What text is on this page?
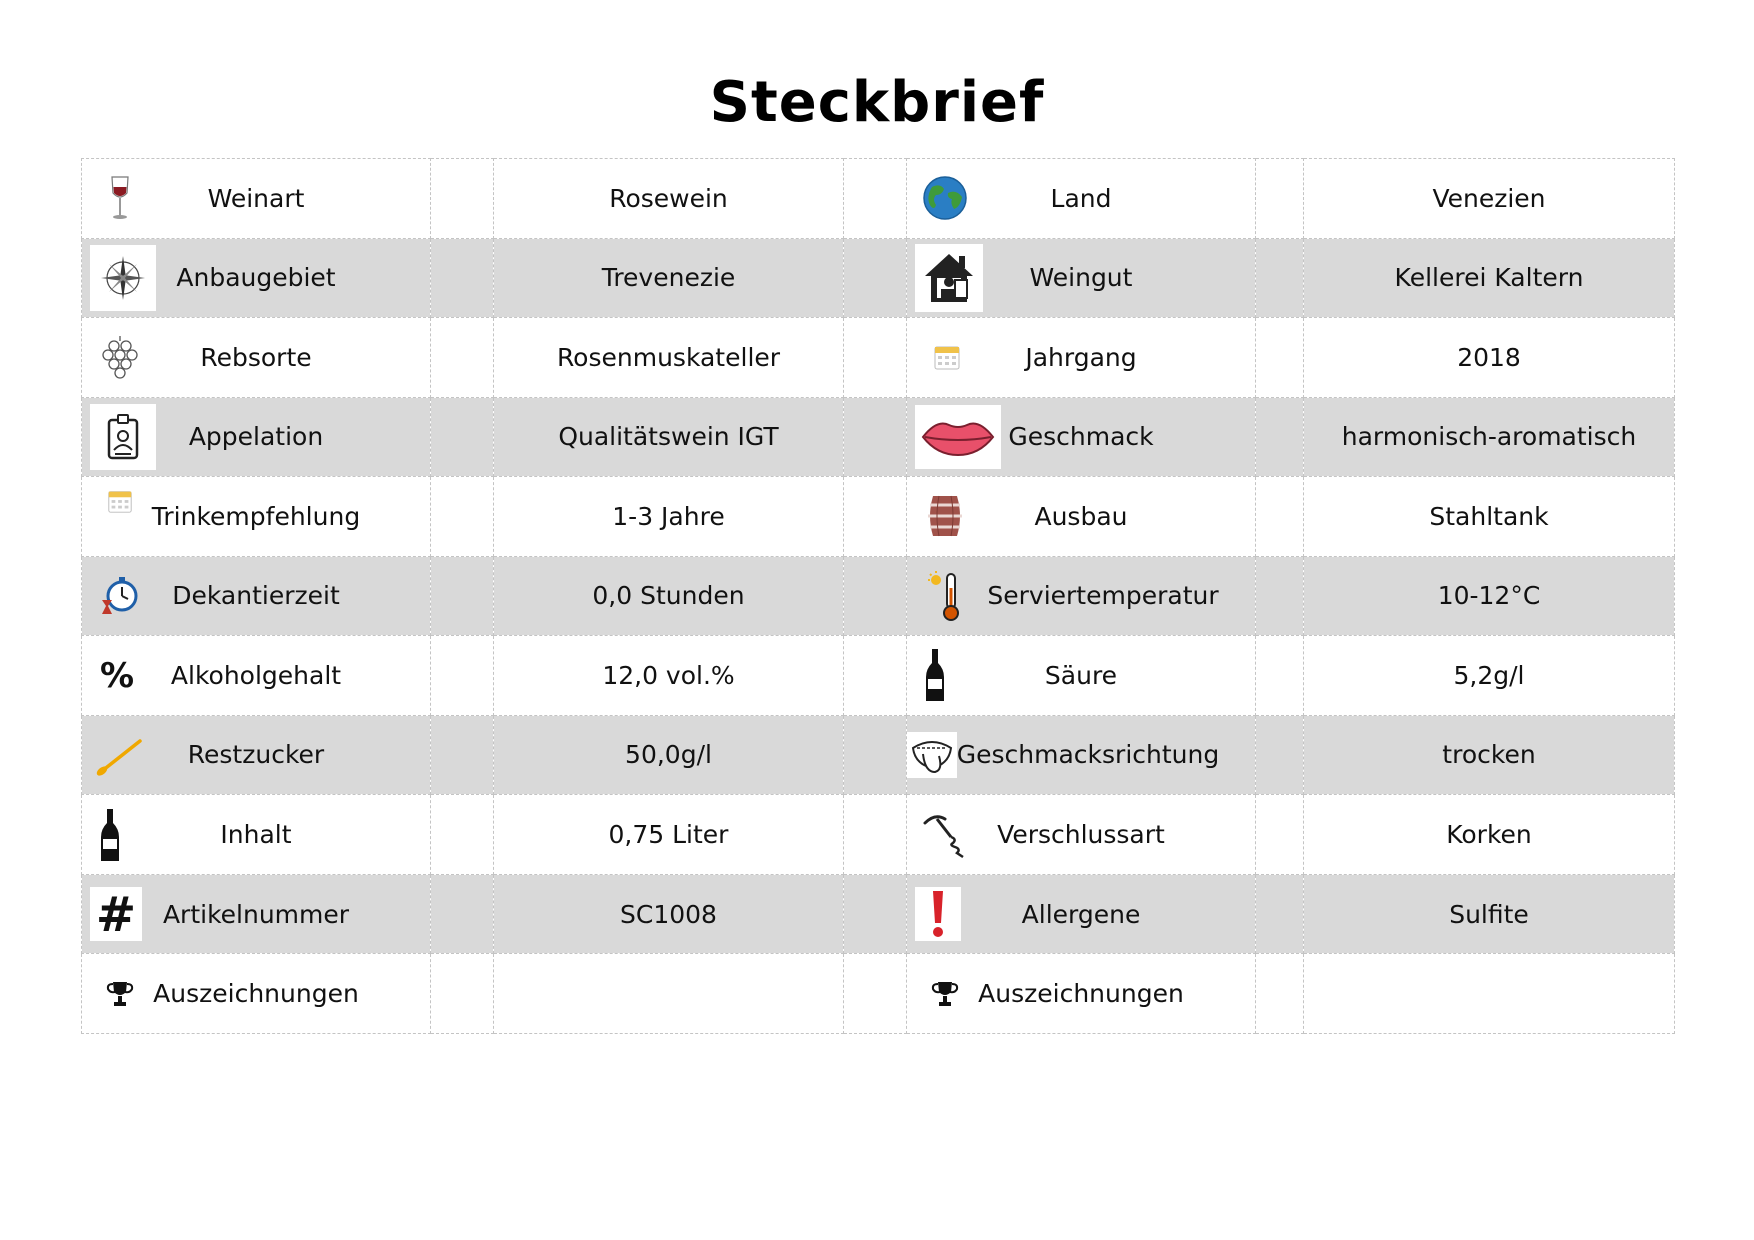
Steckbrief
Weinart		Rosewein		Land		Venezien

Anbaugebiet		Trevenezie		Weingut		Kellerei Kaltern

Rebsorte		Rosenmuskateller		Jahrgang		2018

Appelation		Qualitätswein IGT		Geschmack		harmonisch-aromatisch

Trinkempfehlung		1-3 Jahre		Ausbau		Stahltank

Dekantierzeit		0,0 Stunden		Serviertemperatur		10-12°C

% Alkoholgehalt		12,0 vol.%		Säure		5,2g/l

Restzucker		50,0g/l		Geschmacksrichtung		trocken

Inhalt		0,75 Liter		Verschlussart		Korken

# Artikelnummer		SC1008		Allergene		Sulfite

Auszeichnungen				Auszeichnungen		
